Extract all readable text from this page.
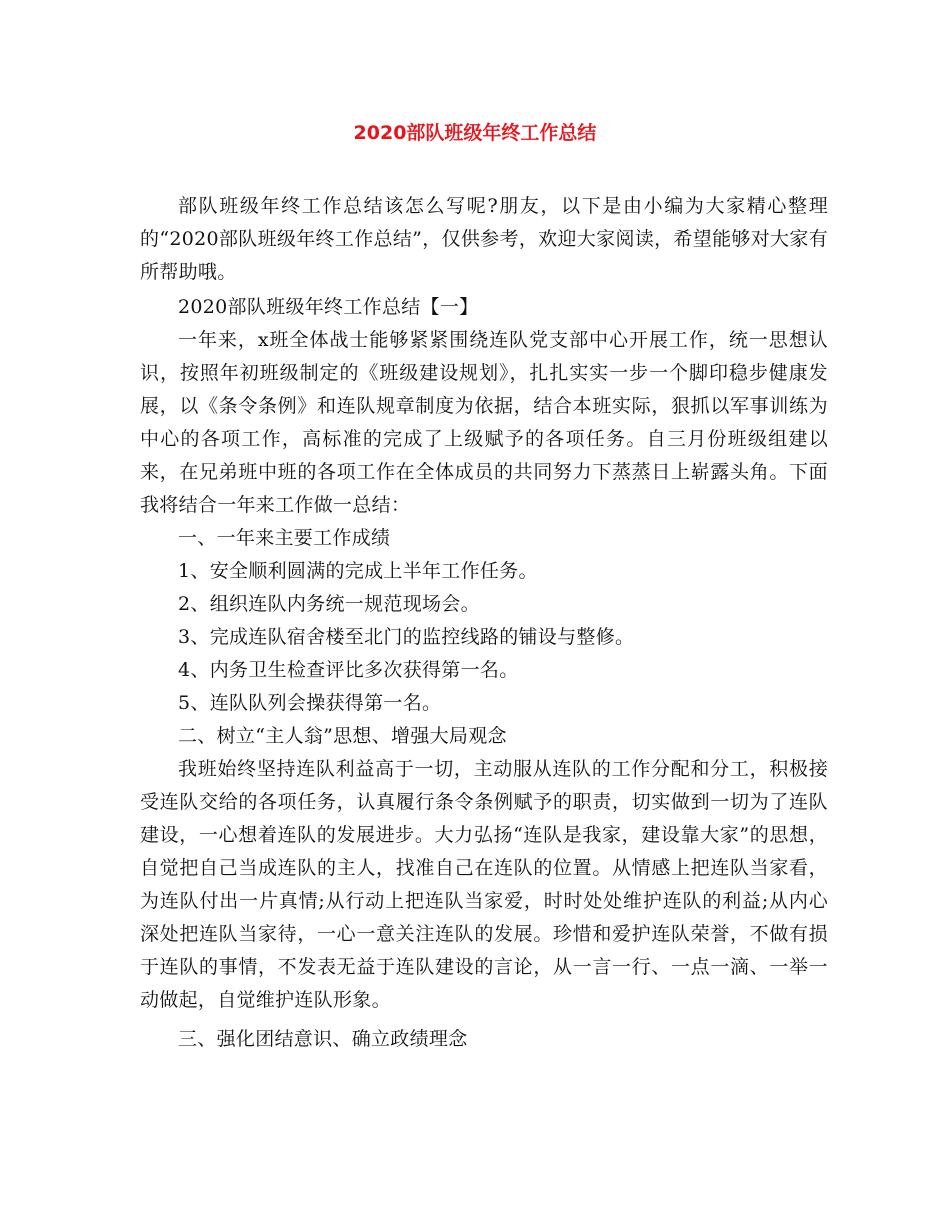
2020部队班级年终工作总结

部队班级年终工作总结该怎么写呢?朋友，以下是由小编为大家精心整理的“2020部队班级年终工作总结”，仅供参考，欢迎大家阅读，希望能够对大家有所帮助哦。

2020部队班级年终工作总结【一】

一年来，x班全体战士能够紧紧围绕连队党支部中心开展工作，统一思想认识，按照年初班级制定的《班级建设规划》，扎扎实实一步一个脚印稳步健康发展，以《条令条例》和连队规章制度为依据，结合本班实际，狠抓以军事训练为中心的各项工作，高标准的完成了上级赋予的各项任务。自三月份班级组建以来，在兄弟班中班的各项工作在全体成员的共同努力下蒸蒸日上崭露头角。下面我将结合一年来工作做一总结：

一、一年来主要工作成绩

1、安全顺利圆满的完成上半年工作任务。

2、组织连队内务统一规范现场会。

3、完成连队宿舍楼至北门的监控线路的铺设与整修。

4、内务卫生检查评比多次获得第一名。

5、连队队列会操获得第一名。

二、树立“主人翁”思想、增强大局观念

我班始终坚持连队利益高于一切，主动服从连队的工作分配和分工，积极接受连队交给的各项任务，认真履行条令条例赋予的职责，切实做到一切为了连队建设，一心想着连队的发展进步。大力弘扬“连队是我家，建设靠大家”的思想，自觉把自己当成连队的主人，找准自己在连队的位置。从情感上把连队当家看，为连队付出一片真情;从行动上把连队当家爱，时时处处维护连队的利益;从内心深处把连队当家待，一心一意关注连队的发展。珍惜和爱护连队荣誉，不做有损于连队的事情，不发表无益于连队建设的言论，从一言一行、一点一滴、一举一动做起，自觉维护连队形象。

三、强化团结意识、确立政绩理念
